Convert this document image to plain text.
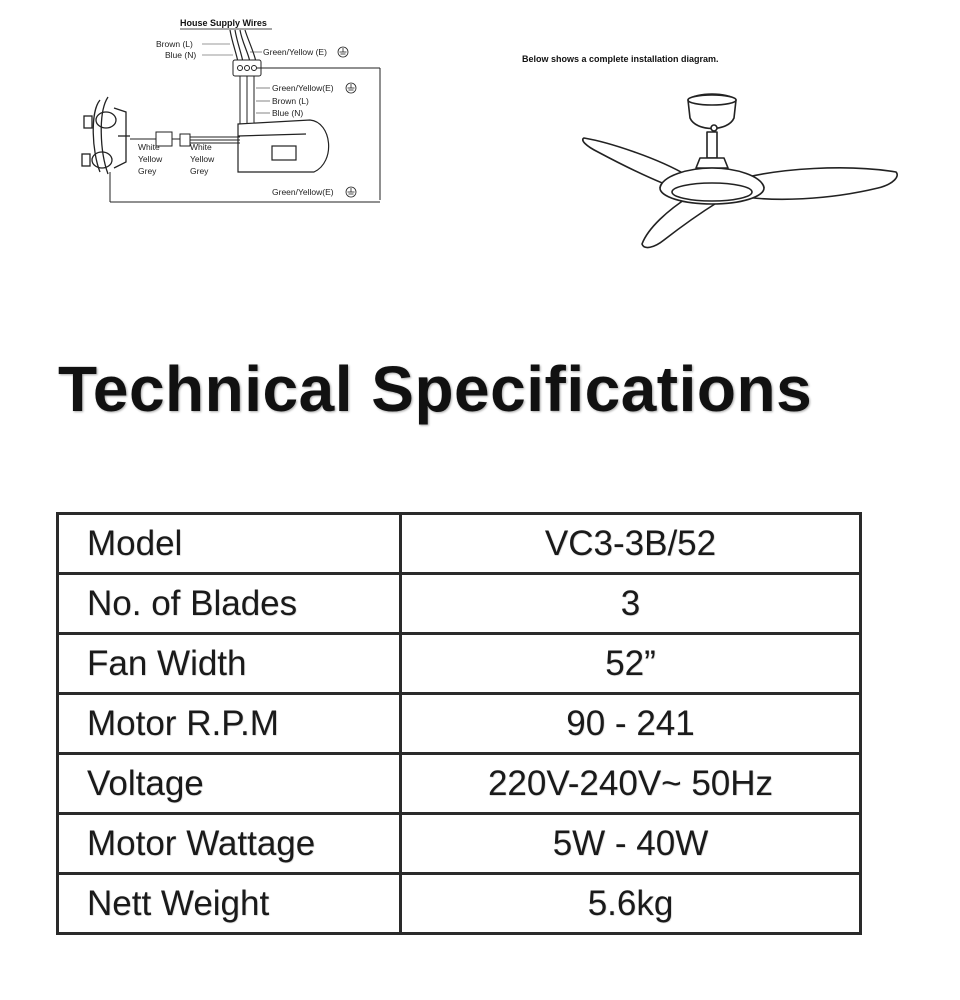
House Supply Wires
Brown (L)
Blue (N)	Green/Yellow (E)
Green/Yellow(E)
Brown (L)
Blue (N)
White
Yellow
Grey
White
Yellow
Grey
Green/Yellow(E)
Below shows a complete installation diagram.
Technical Specifications
Model	VC3-3B/52
No. of Blades	3
Fan Width	52”
Motor R.P.M	90 - 241
Voltage	220V-240V~ 50Hz
Motor Wattage	5W - 40W
Nett Weight	5.6kg
